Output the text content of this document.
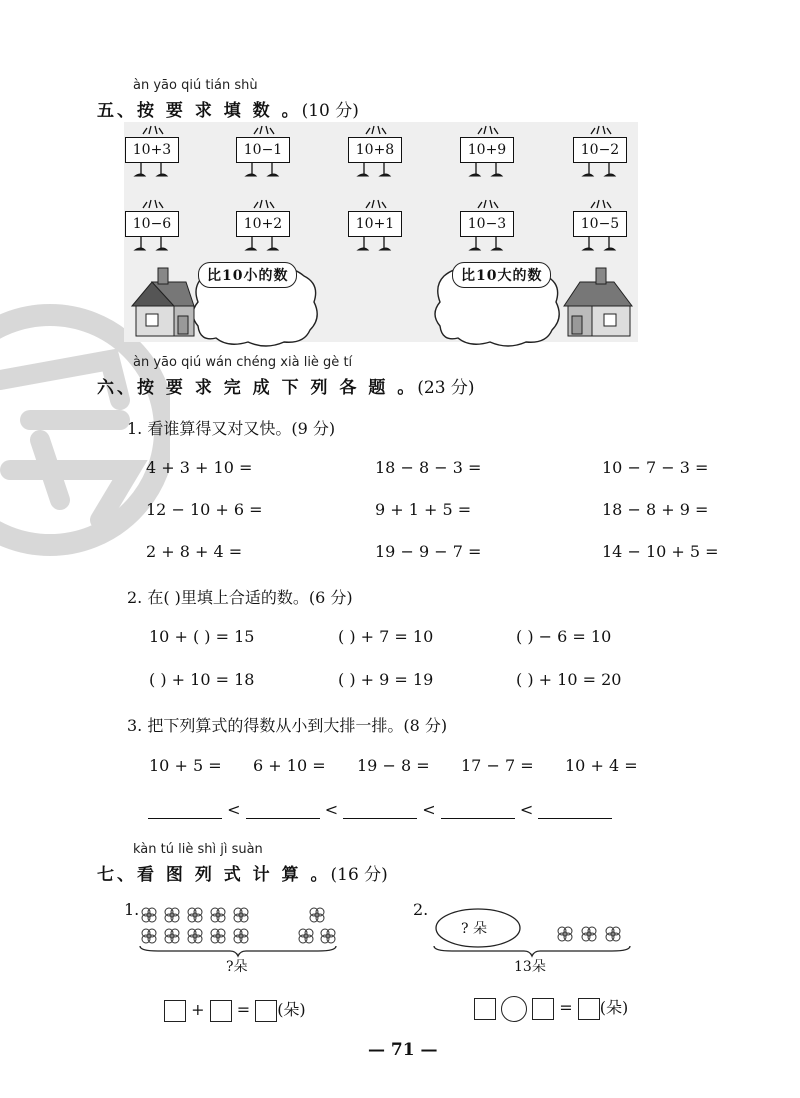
àn yāo qiú tián shù
五、按 要 求 填 数 。(10 分)
10+3	10−1	10+8	10+9	10−2
10−6	10+2	10+1	10−3	10−5
比10小的数	比10大的数
àn yāo qiú wán chéng xià liè gè tí
六、按 要 求 完 成 下 列 各 题 。(23 分)
1. 看谁算得又对又快。(9 分)
4 + 3 + 10 =	18 − 8 − 3 =	10 − 7 − 3 =
12 − 10 + 6 =	9 + 1 + 5 =	18 − 8 + 9 =
2 + 8 + 4 =	19 − 9 − 7 =	14 − 10 + 5 =
2. 在( )里填上合适的数。(6 分)
10 + ( ) = 15	( ) + 7 = 10	( ) − 6 = 10
( ) + 10 = 18	( ) + 9 = 19	( ) + 10 = 20
3. 把下列算式的得数从小到大排一排。(8 分)
10 + 5 = 6 + 10 = 19 − 8 = 17 − 7 = 10 + 4 =
<	<	<	<
kàn tú liè shì jì suàn
七、看 图 列 式 计 算 。(16 分)
1.
?朵
+ = (朵)
2.
? 朵
13朵
= (朵)
— 71 —
